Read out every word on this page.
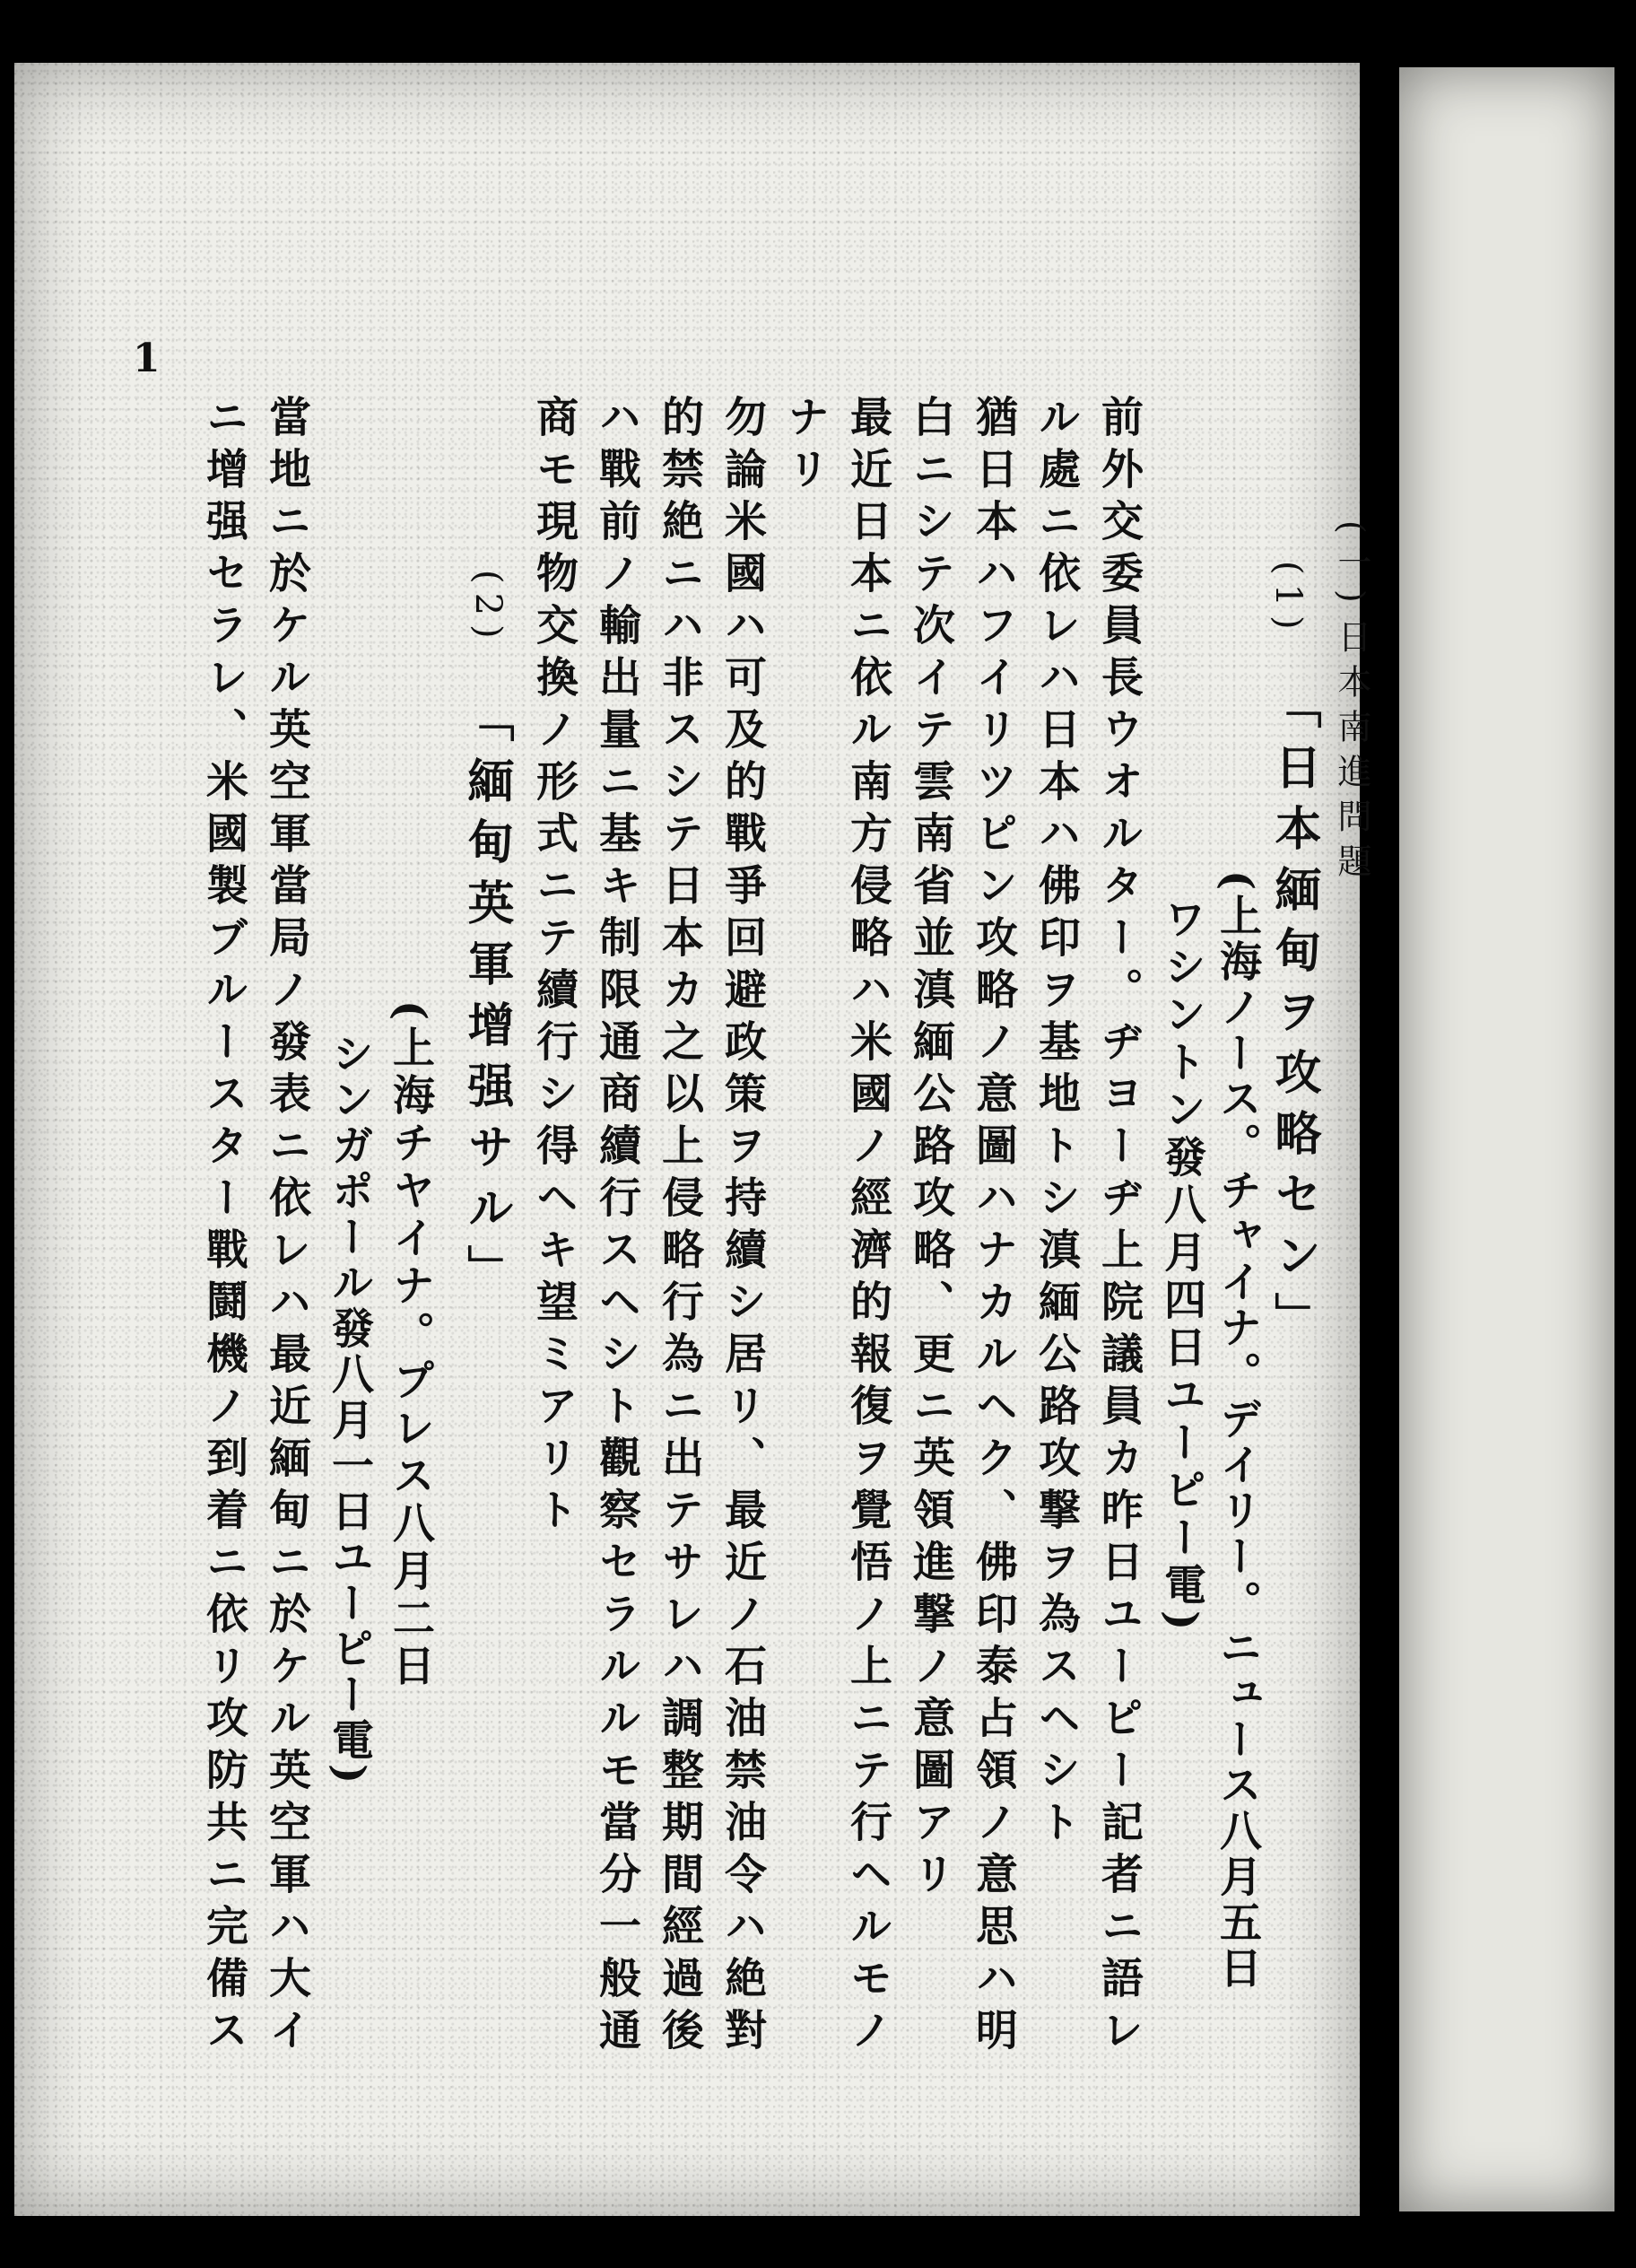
(一)
日本南進問題
(1)
「日本緬甸ヲ攻略セン」
(上海ノース。チャイナ。デイリー。ニュース八月五日
ワシントン發八月四日ユーピー電)
前外交委員長ウオルター。ヂヨーヂ上院議員カ昨日ユーピー記者ニ語レ
ル處ニ依レハ日本ハ佛印ヲ基地トシ滇緬公路攻撃ヲ為スヘシト
猶日本ハフイリツピン攻略ノ意圖ハナカルヘク、佛印泰占領ノ意思ハ明
白ニシテ次イテ雲南省並滇緬公路攻略、更ニ英領進撃ノ意圖アリ
最近日本ニ依ル南方侵略ハ米國ノ經濟的報復ヲ覺悟ノ上ニテ行ヘルモノ
ナリ
勿論米國ハ可及的戰爭回避政策ヲ持續シ居リ、最近ノ石油禁油令ハ絶對
的禁絶ニハ非スシテ日本カ之以上侵略行為ニ出テサレハ調整期間經過後
ハ戰前ノ輸出量ニ基キ制限通商續行スヘシト觀察セラルルモ當分一般通
商モ現物交換ノ形式ニテ續行シ得ヘキ望ミアリト
(2)
「緬甸英軍增强サル」
(上海チヤイナ。プレス八月二日
シンガポール發八月一日ユーピー電)
當地ニ於ケル英空軍當局ノ發表ニ依レハ最近緬甸ニ於ケル英空軍ハ大イ
ニ增强セラレ、米國製ブルースター戰鬪機ノ到着ニ依リ攻防共ニ完備ス
1
